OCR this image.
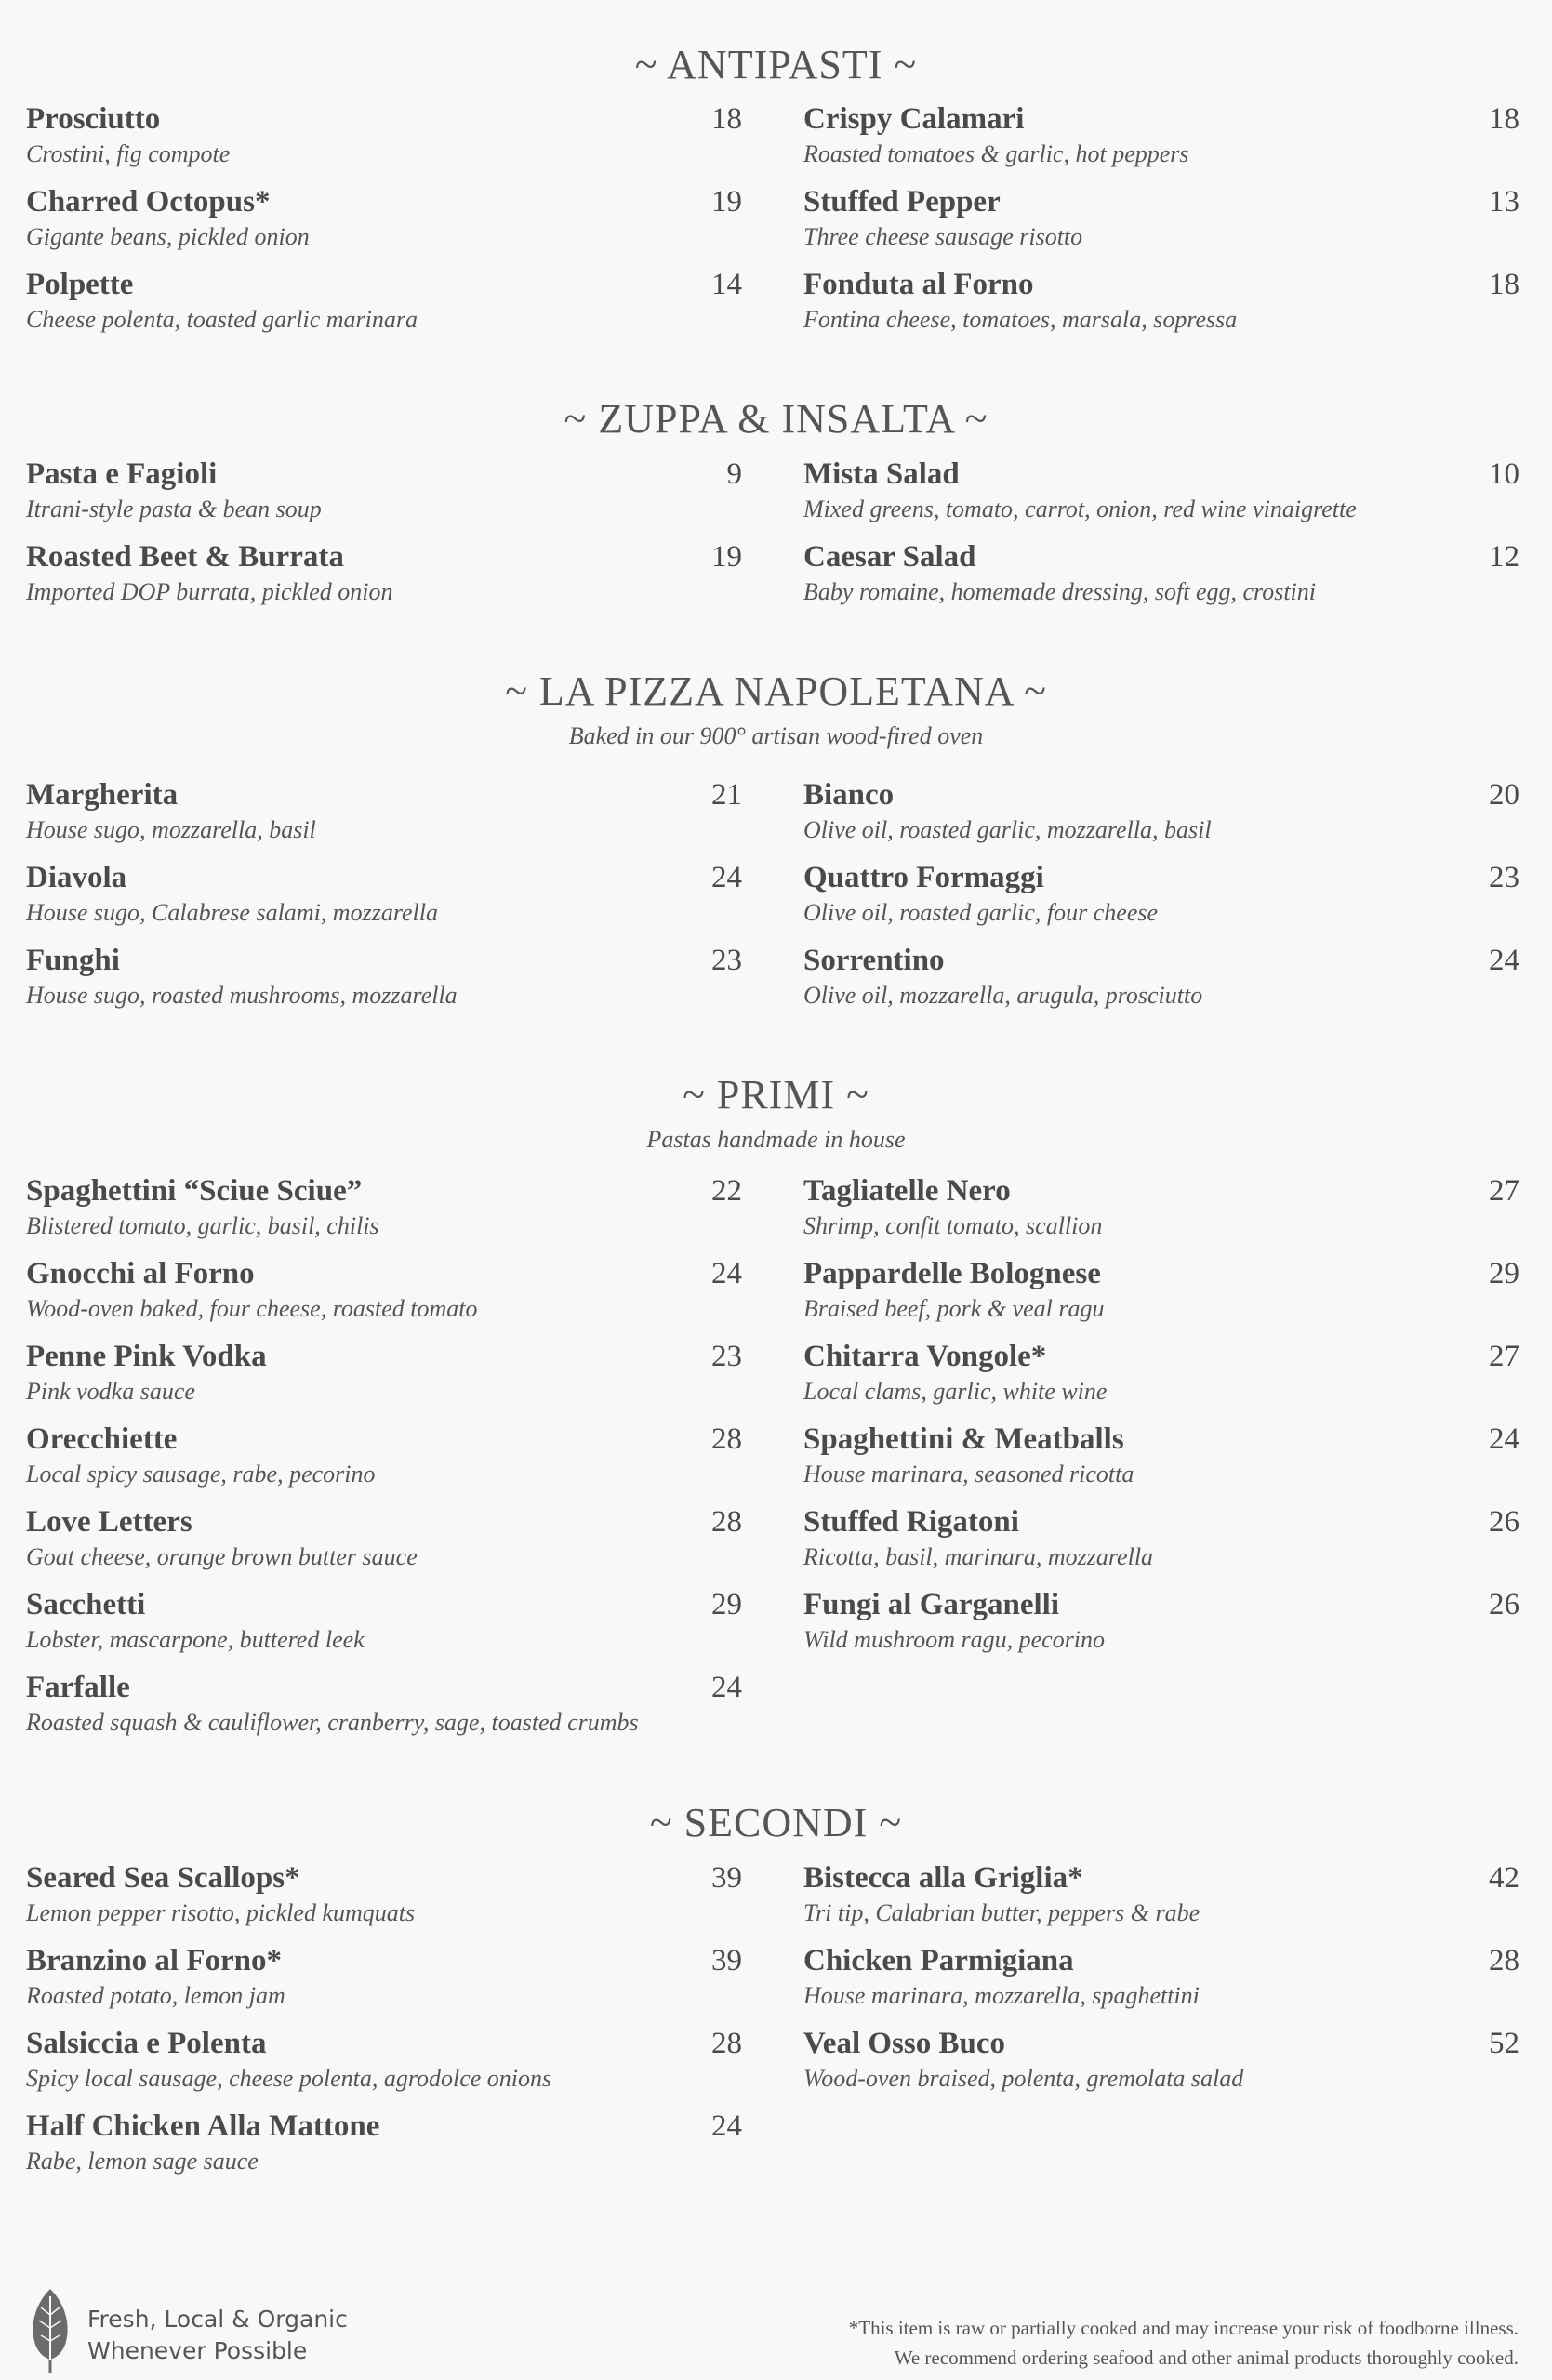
~ ANTIPASTI ~
Prosciutto	18
Crostini, fig compote
Charred Octopus*	19
Gigante beans, pickled onion
Polpette	14
Cheese polenta, toasted garlic marinara
Crispy Calamari	18
Roasted tomatoes & garlic, hot peppers
Stuffed Pepper	13
Three cheese sausage risotto
Fonduta al Forno	18
Fontina cheese, tomatoes, marsala, sopressa
~ ZUPPA & INSALTA ~
Pasta e Fagioli	9
Itrani-style pasta & bean soup
Roasted Beet & Burrata	19
Imported DOP burrata, pickled onion
Mista Salad	10
Mixed greens, tomato, carrot, onion, red wine vinaigrette
Caesar Salad	12
Baby romaine, homemade dressing, soft egg, crostini
~ LA PIZZA NAPOLETANA ~
Baked in our 900° artisan wood-fired oven
Margherita	21
House sugo, mozzarella, basil
Diavola	24
House sugo, Calabrese salami, mozzarella
Funghi	23
House sugo, roasted mushrooms, mozzarella
Bianco	20
Olive oil, roasted garlic, mozzarella, basil
Quattro Formaggi	23
Olive oil, roasted garlic, four cheese
Sorrentino	24
Olive oil, mozzarella, arugula, prosciutto
~ PRIMI ~
Pastas handmade in house
Spaghettini “Sciue Sciue”	22
Blistered tomato, garlic, basil, chilis
Gnocchi al Forno	24
Wood-oven baked, four cheese, roasted tomato
Penne Pink Vodka	23
Pink vodka sauce
Orecchiette	28
Local spicy sausage, rabe, pecorino
Love Letters	28
Goat cheese, orange brown butter sauce
Sacchetti	29
Lobster, mascarpone, buttered leek
Farfalle	24
Roasted squash & cauliflower, cranberry, sage, toasted crumbs
Tagliatelle Nero	27
Shrimp, confit tomato, scallion
Pappardelle Bolognese	29
Braised beef, pork & veal ragu
Chitarra Vongole*	27
Local clams, garlic, white wine
Spaghettini & Meatballs	24
House marinara, seasoned ricotta
Stuffed Rigatoni	26
Ricotta, basil, marinara, mozzarella
Fungi al Garganelli	26
Wild mushroom ragu, pecorino
~ SECONDI ~
Seared Sea Scallops*	39
Lemon pepper risotto, pickled kumquats
Branzino al Forno*	39
Roasted potato, lemon jam
Salsiccia e Polenta	28
Spicy local sausage, cheese polenta, agrodolce onions
Half Chicken Alla Mattone	24
Rabe, lemon sage sauce
Bistecca alla Griglia*	42
Tri tip, Calabrian butter, peppers & rabe
Chicken Parmigiana	28
House marinara, mozzarella, spaghettini
Veal Osso Buco	52
Wood-oven braised, polenta, gremolata salad
Fresh, Local & Organic
Whenever Possible
*This item is raw or partially cooked and may increase your risk of foodborne illness.
We recommend ordering seafood and other animal products thoroughly cooked.
